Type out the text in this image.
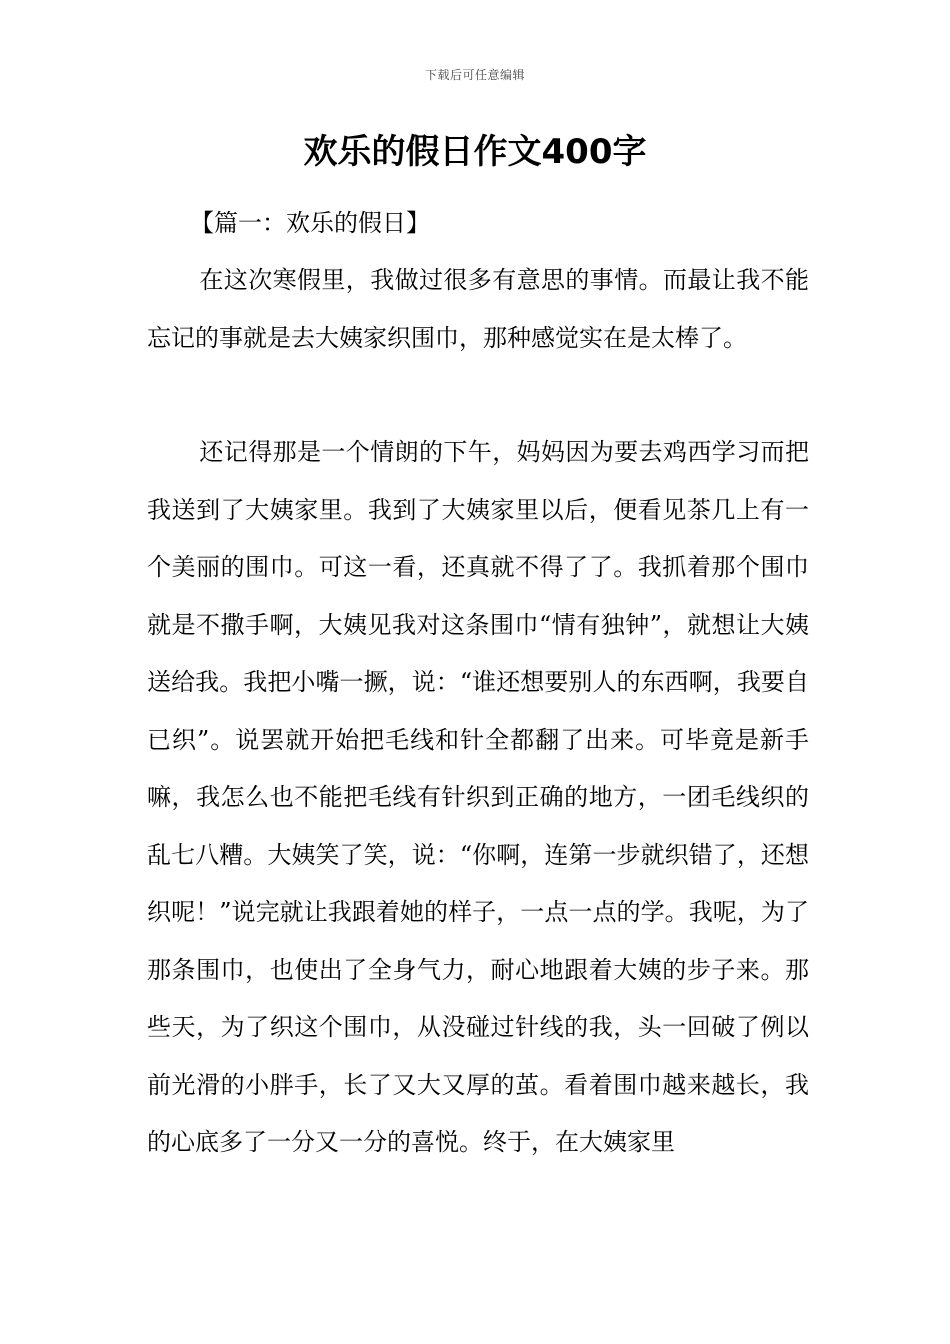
下载后可任意编辑
欢乐的假日作文400字

【篇一：欢乐的假日】

在这次寒假里，我做过很多有意思的事情。而最让我不能忘记的事就是去大姨家织围巾，那种感觉实在是太棒了。

还记得那是一个情朗的下午，妈妈因为要去鸡西学习而把我送到了大姨家里。我到了大姨家里以后，便看见茶几上有一个美丽的围巾。可这一看，还真就不得了了。我抓着那个围巾就是不撒手啊，大姨见我对这条围巾“情有独钟”，就想让大姨送给我。我把小嘴一撅，说：“谁还想要别人的东西啊，我要自已织”。说罢就开始把毛线和针全都翻了出来。可毕竟是新手嘛，我怎么也不能把毛线有针织到正确的地方，一团毛线织的乱七八糟。大姨笑了笑，说：“你啊，连第一步就织错了，还想织呢！”说完就让我跟着她的样子，一点一点的学。我呢，为了那条围巾，也使出了全身气力，耐心地跟着大姨的步子来。那些天，为了织这个围巾，从没碰过针线的我，头一回破了例以前光滑的小胖手，长了又大又厚的茧。看着围巾越来越长，我的心底多了一分又一分的喜悦。终于，在大姨家里
